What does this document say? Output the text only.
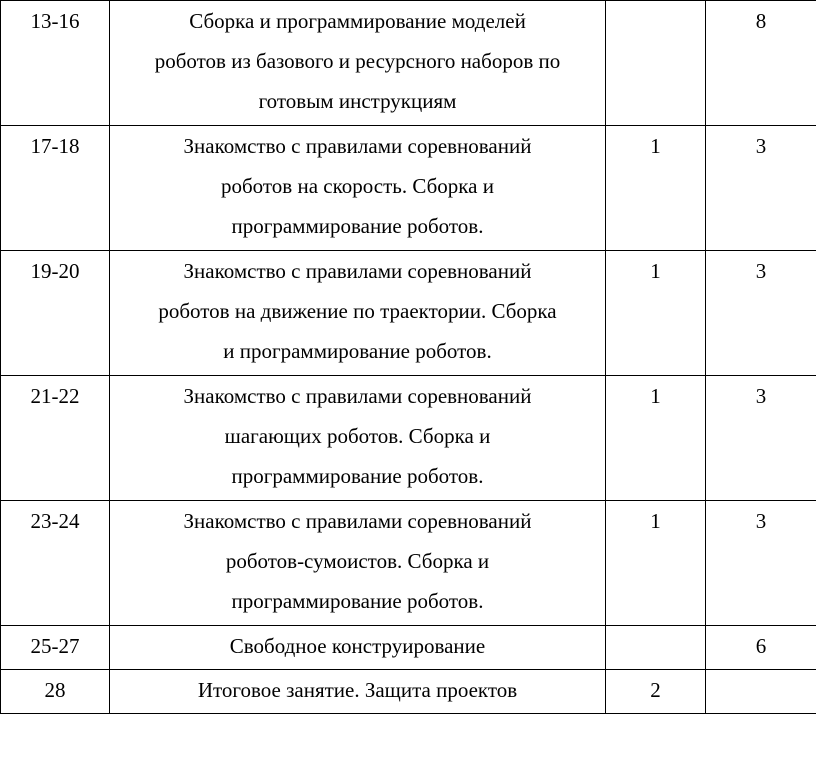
13-16	Сборка и программирование моделей
роботов из базового и ресурсного наборов по
готовым инструкциям		8
17-18	Знакомство с правилами соревнований
роботов на скорость. Сборка и
программирование роботов.	1	3
19-20	Знакомство с правилами соревнований
роботов на движение по траектории. Сборка
и программирование роботов.	1	3
21-22	Знакомство с правилами соревнований
шагающих роботов. Сборка и
программирование роботов.	1	3
23-24	Знакомство с правилами соревнований
роботов-сумоистов. Сборка и
программирование роботов.	1	3
25-27	Свободное конструирование		6
28	Итоговое занятие. Защита проектов	2	
